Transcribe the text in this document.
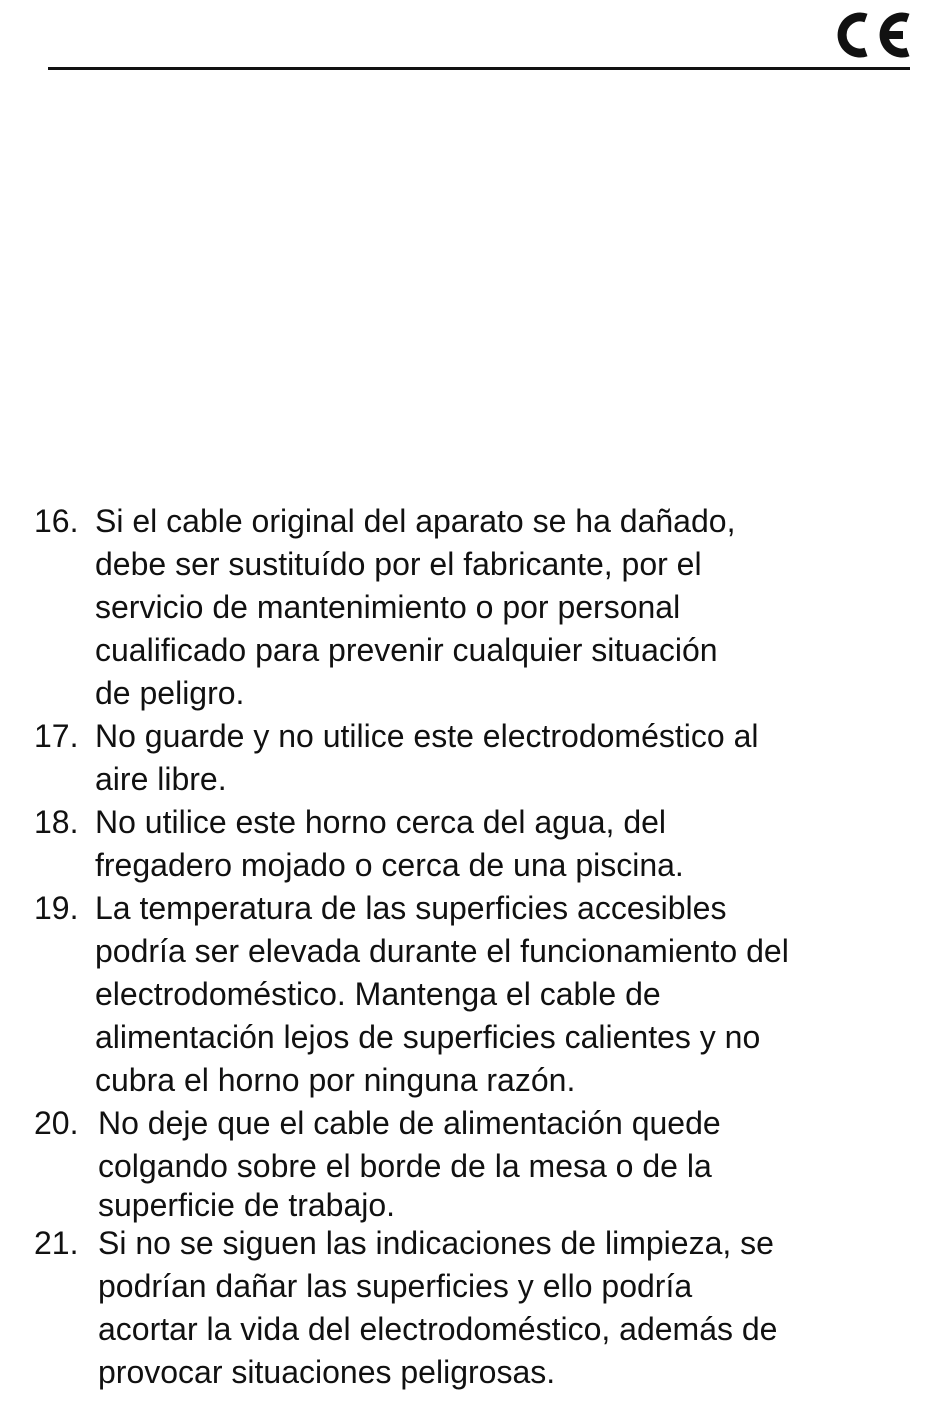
16. Si el cable original del aparato se ha dañado,
debe ser sustituído por el fabricante, por el
servicio de mantenimiento o por personal
cualificado para prevenir cualquier situación
de peligro.
17. No guarde y no utilice este electrodoméstico al
aire libre.
18. No utilice este horno cerca del agua, del
fregadero mojado o cerca de una piscina.
19. La temperatura de las superficies accesibles
podría ser elevada durante el funcionamiento del
electrodoméstico. Mantenga el cable de
alimentación lejos de superficies calientes y no
cubra el horno por ninguna razón.
20. No deje que el cable de alimentación quede
colgando sobre el borde de la mesa o de la
superficie de trabajo.
21. Si no se siguen las indicaciones de limpieza, se
podrían dañar las superficies y ello podría
acortar la vida del electrodoméstico, además de
provocar situaciones peligrosas.
